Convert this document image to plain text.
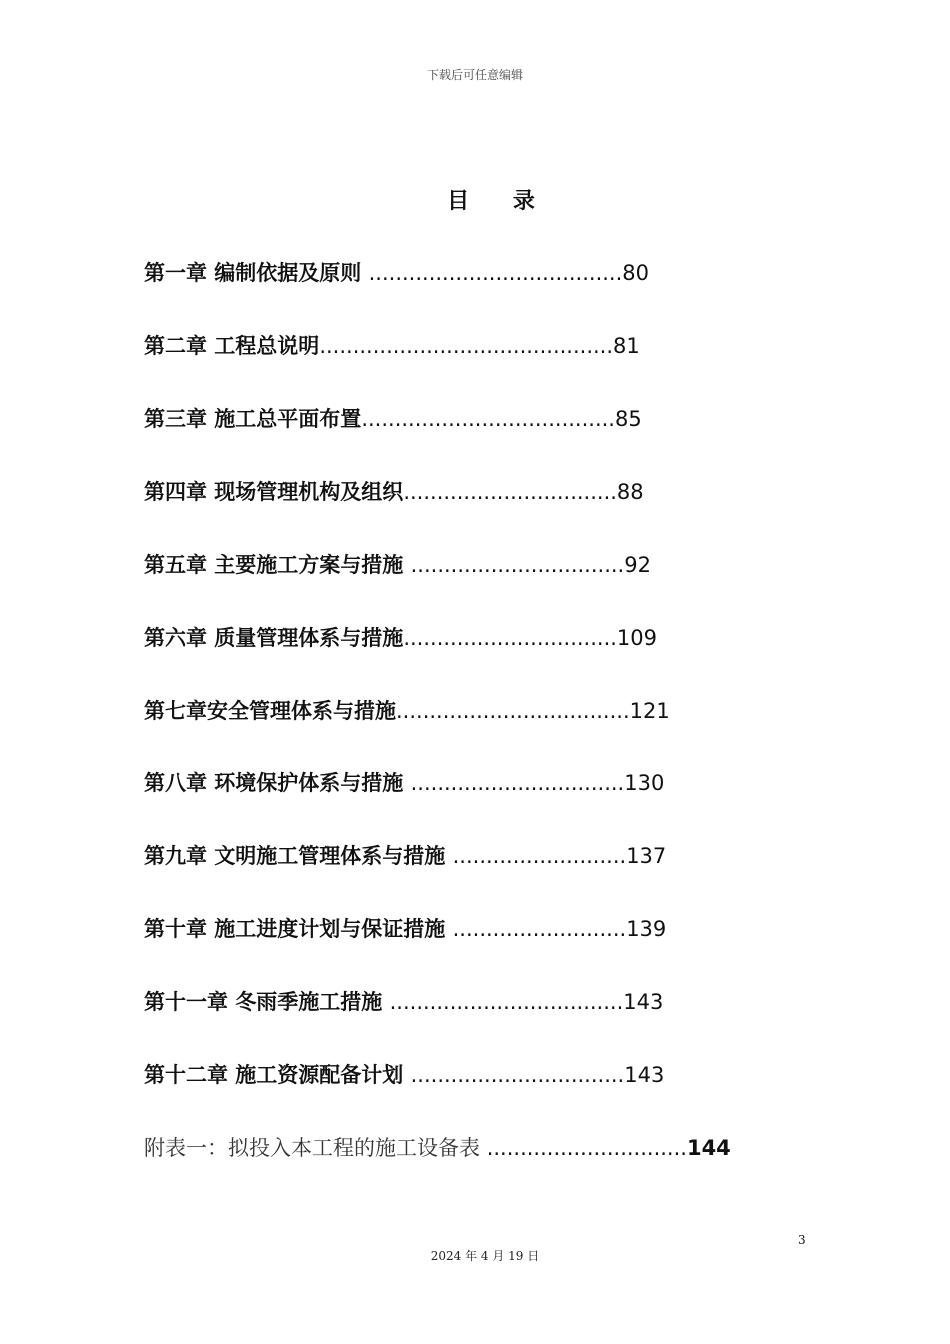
下载后可任意编辑
目 录
第一章 编制依据及原则 ......................................80
第二章 工程总说明............................................81
第三章 施工总平面布置......................................85
第四章 现场管理机构及组织................................88
第五章 主要施工方案与措施 ................................92
第六章 质量管理体系与措施................................109
第七章安全管理体系与措施...................................121
第八章 环境保护体系与措施 ................................130
第九章 文明施工管理体系与措施 ..........................137
第十章 施工进度计划与保证措施 ..........................139
第十一章 冬雨季施工措施 ...................................143
第十二章 施工资源配备计划 ................................143
附表一：拟投入本工程的施工设备表 ..............................144
3
2024 年 4 月 19 日
